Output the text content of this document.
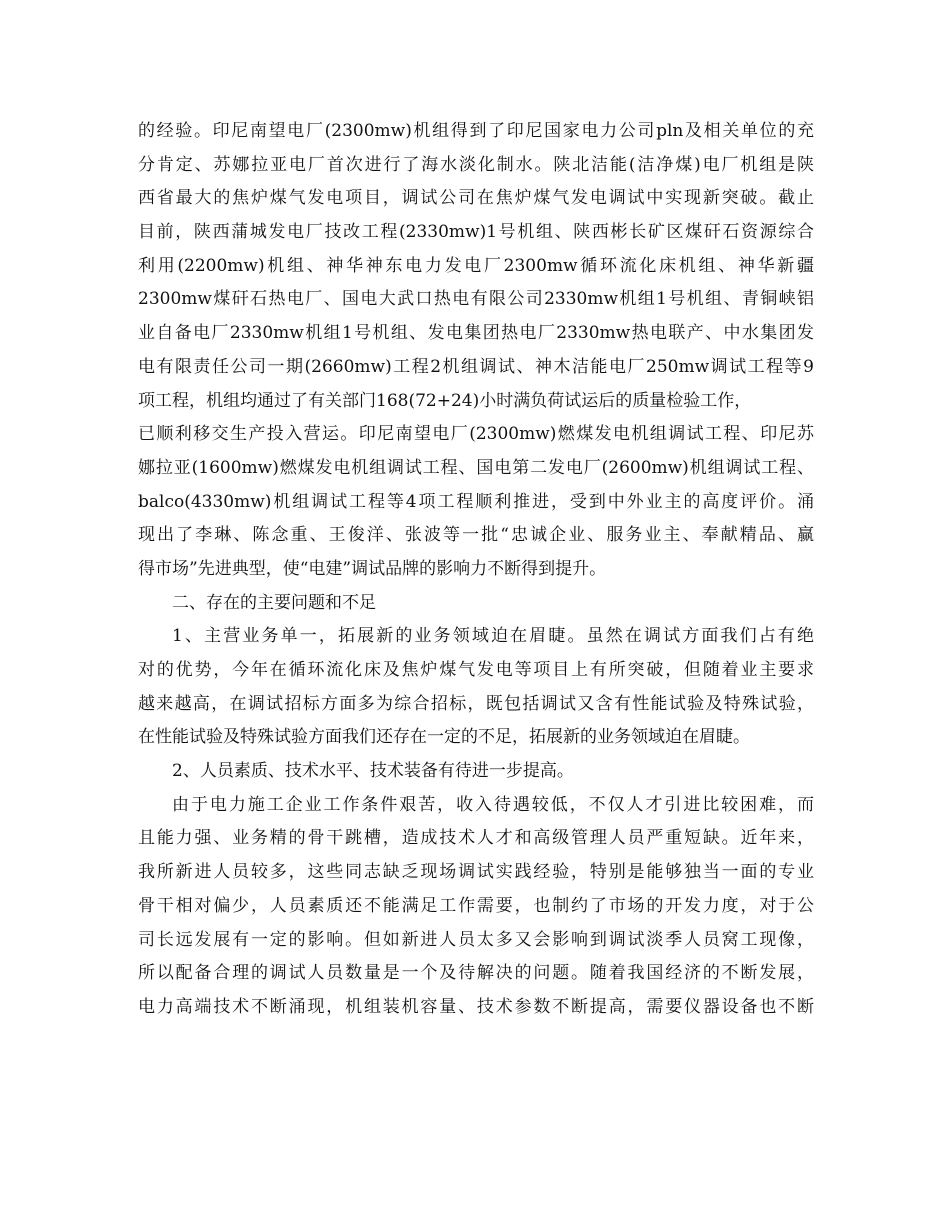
的经验。印尼南望电厂(2300mw)机组得到了印尼国家电力公司pln及相关单位的充
分肯定、苏娜拉亚电厂首次进行了海水淡化制水。陕北洁能(洁净煤)电厂机组是陕
西省最大的焦炉煤气发电项目，调试公司在焦炉煤气发电调试中实现新突破。截止
目前，陕西蒲城发电厂技改工程(2330mw)1号机组、陕西彬长矿区煤矸石资源综合
利用(2200mw)机组、神华神东电力发电厂2300mw循环流化床机组、神华新疆
2300mw煤矸石热电厂、国电大武口热电有限公司2330mw机组1号机组、青铜峡铝
业自备电厂2330mw机组1号机组、发电集团热电厂2330mw热电联产、中水集团发
电有限责任公司一期(2660mw)工程2机组调试、神木洁能电厂250mw调试工程等9
项工程，机组均通过了有关部门168(72+24)小时满负荷试运后的质量检验工作，
已顺利移交生产投入营运。印尼南望电厂(2300mw)燃煤发电机组调试工程、印尼苏
娜拉亚(1600mw)燃煤发电机组调试工程、国电第二发电厂(2600mw)机组调试工程、
balco(4330mw)机组调试工程等4项工程顺利推进，受到中外业主的高度评价。涌
现出了李琳、陈念重、王俊洋、张波等一批“忠诚企业、服务业主、奉献精品、赢
得市场”先进典型，使“电建”调试品牌的影响力不断得到提升。
二、存在的主要问题和不足
1、主营业务单一，拓展新的业务领域迫在眉睫。虽然在调试方面我们占有绝
对的优势，今年在循环流化床及焦炉煤气发电等项目上有所突破，但随着业主要求
越来越高，在调试招标方面多为综合招标，既包括调试又含有性能试验及特殊试验，
在性能试验及特殊试验方面我们还存在一定的不足，拓展新的业务领域迫在眉睫。
2、人员素质、技术水平、技术装备有待进一步提高。
由于电力施工企业工作条件艰苦，收入待遇较低，不仅人才引进比较困难，而
且能力强、业务精的骨干跳槽，造成技术人才和高级管理人员严重短缺。近年来，
我所新进人员较多，这些同志缺乏现场调试实践经验，特别是能够独当一面的专业
骨干相对偏少，人员素质还不能满足工作需要，也制约了市场的开发力度，对于公
司长远发展有一定的影响。但如新进人员太多又会影响到调试淡季人员窝工现像，
所以配备合理的调试人员数量是一个及待解决的问题。随着我国经济的不断发展，
电力高端技术不断涌现，机组装机容量、技术参数不断提高，需要仪器设备也不断
